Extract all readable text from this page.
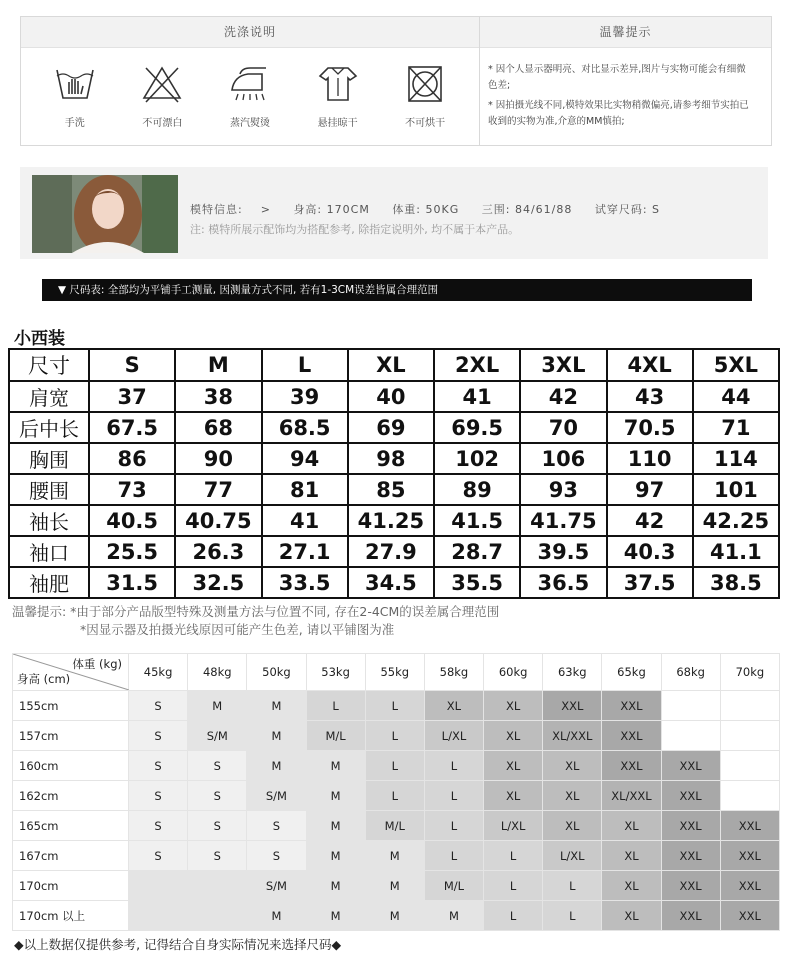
洗涤说明
手洗	不可漂白	蒸汽熨烫	悬挂晾干	不可烘干
温馨提示

* 因个人显示器明亮、对比显示差异,图片与实物可能会有细微色差;

* 因拍摄光线不同,模特效果比实物稍微偏亮,请参考细节实拍已收到的实物为准,介意的MM慎拍;

模特信息: > 身高: 170CM 体重: 50KG 三围: 84/61/88 试穿尺码: S
注: 模特所展示配饰均为搭配参考, 除指定说明外, 均不属于本产品。
▼ 尺码表: 全部均为平铺手工测量, 因测量方式不同, 若有1-3CM误差皆属合理范围
小西装
尺寸	S	M	L	XL	2XL	3XL	4XL	5XL
肩宽	37	38	39	40	41	42	43	44
后中长	67.5	68	68.5	69	69.5	70	70.5	71
胸围	86	90	94	98	102	106	110	114
腰围	73	77	81	85	89	93	97	101
袖长	40.5	40.75	41	41.25	41.5	41.75	42	42.25
袖口	25.5	26.3	27.1	27.9	28.7	39.5	40.3	41.1
袖肥	31.5	32.5	33.5	34.5	35.5	36.5	37.5	38.5
温馨提示: *由于部分产品版型特殊及测量方法与位置不同, 存在2-4CM的误差属合理范围
*因显示器及拍摄光线原因可能产生色差, 请以平铺图为准
体重 (kg)
身高 (cm)	45kg	48kg	50kg	53kg	55kg	58kg	60kg	63kg	65kg	68kg	70kg
155cm	S	M	M	L	L	XL	XL	XXL	XXL		
157cm	S	S/M	M	M/L	L	L/XL	XL	XL/XXL	XXL		
160cm	S	S	M	M	L	L	XL	XL	XXL	XXL	
162cm	S	S	S/M	M	L	L	XL	XL	XL/XXL	XXL	
165cm	S	S	S	M	M/L	L	L/XL	XL	XL	XXL	XXL
167cm	S	S	S	M	M	L	L	L/XL	XL	XXL	XXL
170cm			S/M	M	M	M/L	L	L	XL	XXL	XXL
170cm 以上			M	M	M	M	L	L	XL	XXL	XXL
◆以上数据仅提供参考, 记得结合自身实际情况来选择尺码◆
